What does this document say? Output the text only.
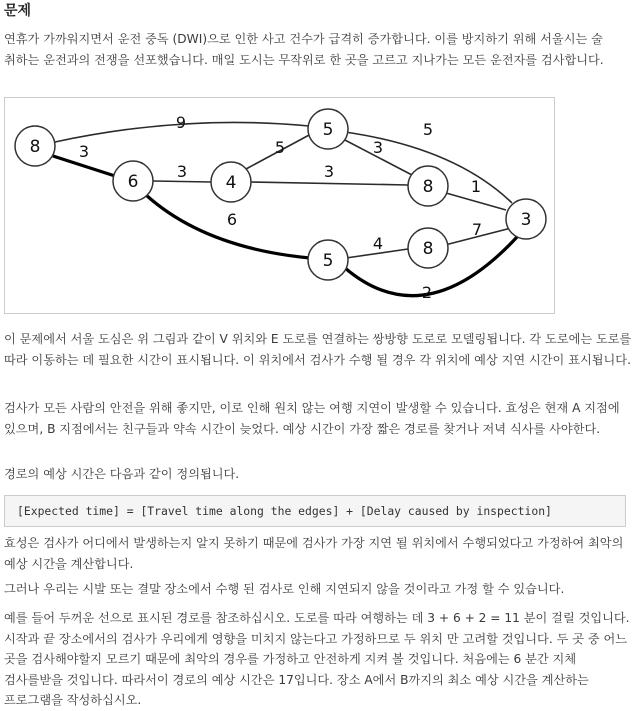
문제

연휴가 가까워지면서 운전 중독 (DWI)으로 인한 사고 건수가 급격히 증가합니다. 이를 방지하기 위해 서울시는 술 취하는 운전과의 전쟁을 선포했습니다. 매일 도시는 무작위로 한 곳을 고르고 지나가는 모든 운전자를 검사합니다.

9
3
3
6
5
3
3
5
1
4
7
2
8
6	4
5
8
3
5
8

이 문제에서 서울 도심은 위 그림과 같이 V 위치와 E 도로를 연결하는 쌍방향 도로로 모델링됩니다. 각 도로에는 도로를 따라 이동하는 데 필요한 시간이 표시됩니다. 이 위치에서 검사가 수행 될 경우 각 위치에 예상 지연 시간이 표시됩니다.

검사가 모든 사람의 안전을 위해 좋지만, 이로 인해 원치 않는 여행 지연이 발생할 수 있습니다. 효성은 현재 A 지점에 있으며, B 지점에서는 친구들과 약속 시간이 늦었다. 예상 시간이 가장 짧은 경로를 찾거나 저녁 식사를 사야한다.

경로의 예상 시간은 다음과 같이 정의됩니다.

[Expected time] = [Travel time along the edges] + [Delay caused by inspection]

효성은 검사가 어디에서 발생하는지 알지 못하기 때문에 검사가 가장 지연 될 위치에서 수행되었다고 가정하여 최악의 예상 시간을 계산합니다.

그러나 우리는 시발 또는 결말 장소에서 수행 된 검사로 인해 지연되지 않을 것이라고 가정 할 수 있습니다.

예를 들어 두꺼운 선으로 표시된 경로를 참조하십시오. 도로를 따라 여행하는 데 3 + 6 + 2 = 11 분이 걸릴 것입니다. 시작과 끝 장소에서의 검사가 우리에게 영향을 미치지 않는다고 가정하므로 두 위치 만 고려할 것입니다. 두 곳 중 어느 곳을 검사해야할지 모르기 때문에 최악의 경우를 가정하고 안전하게 지켜 볼 것입니다. 처음에는 6 분간 지체 검사를받을 것입니다. 따라서이 경로의 예상 시간은 17입니다. 장소 A에서 B까지의 최소 예상 시간을 계산하는 프로그램을 작성하십시오.
